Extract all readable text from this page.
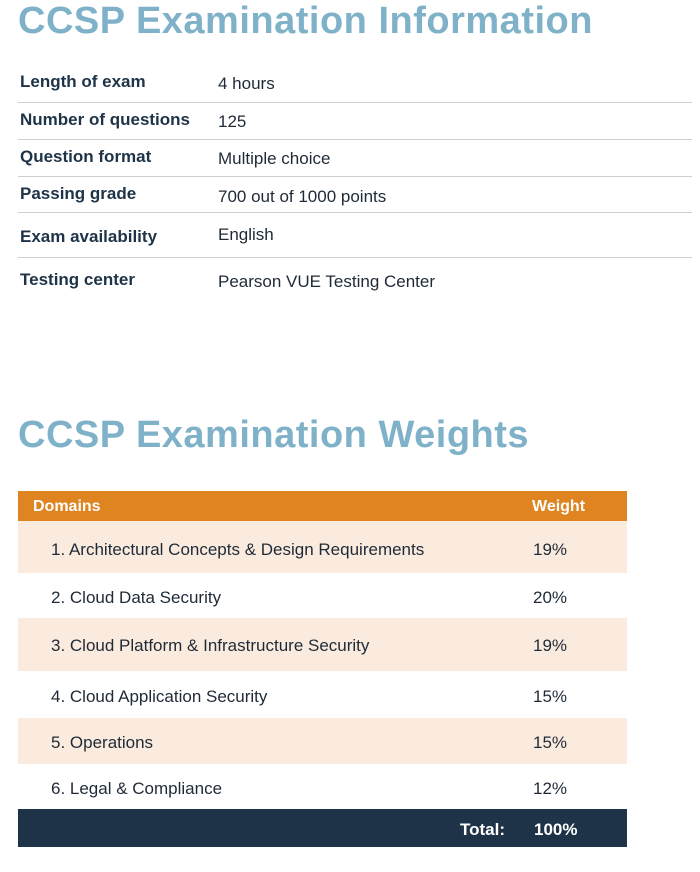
CCSP Examination Information
Length of exam	4 hours
Number of questions 125
Question format	Multiple choice
Passing grade	700 out of 1000 points
Exam availability	English
Testing center	Pearson VUE Testing Center
CCSP Examination Weights
Domains	Weight
1. Architectural Concepts & Design Requirements	19%
2. Cloud Data Security	20%
3. Cloud Platform & Infrastructure Security	19%
4. Cloud Application Security	15%
5. Operations	15%
6. Legal & Compliance	12%
Total: 100%
